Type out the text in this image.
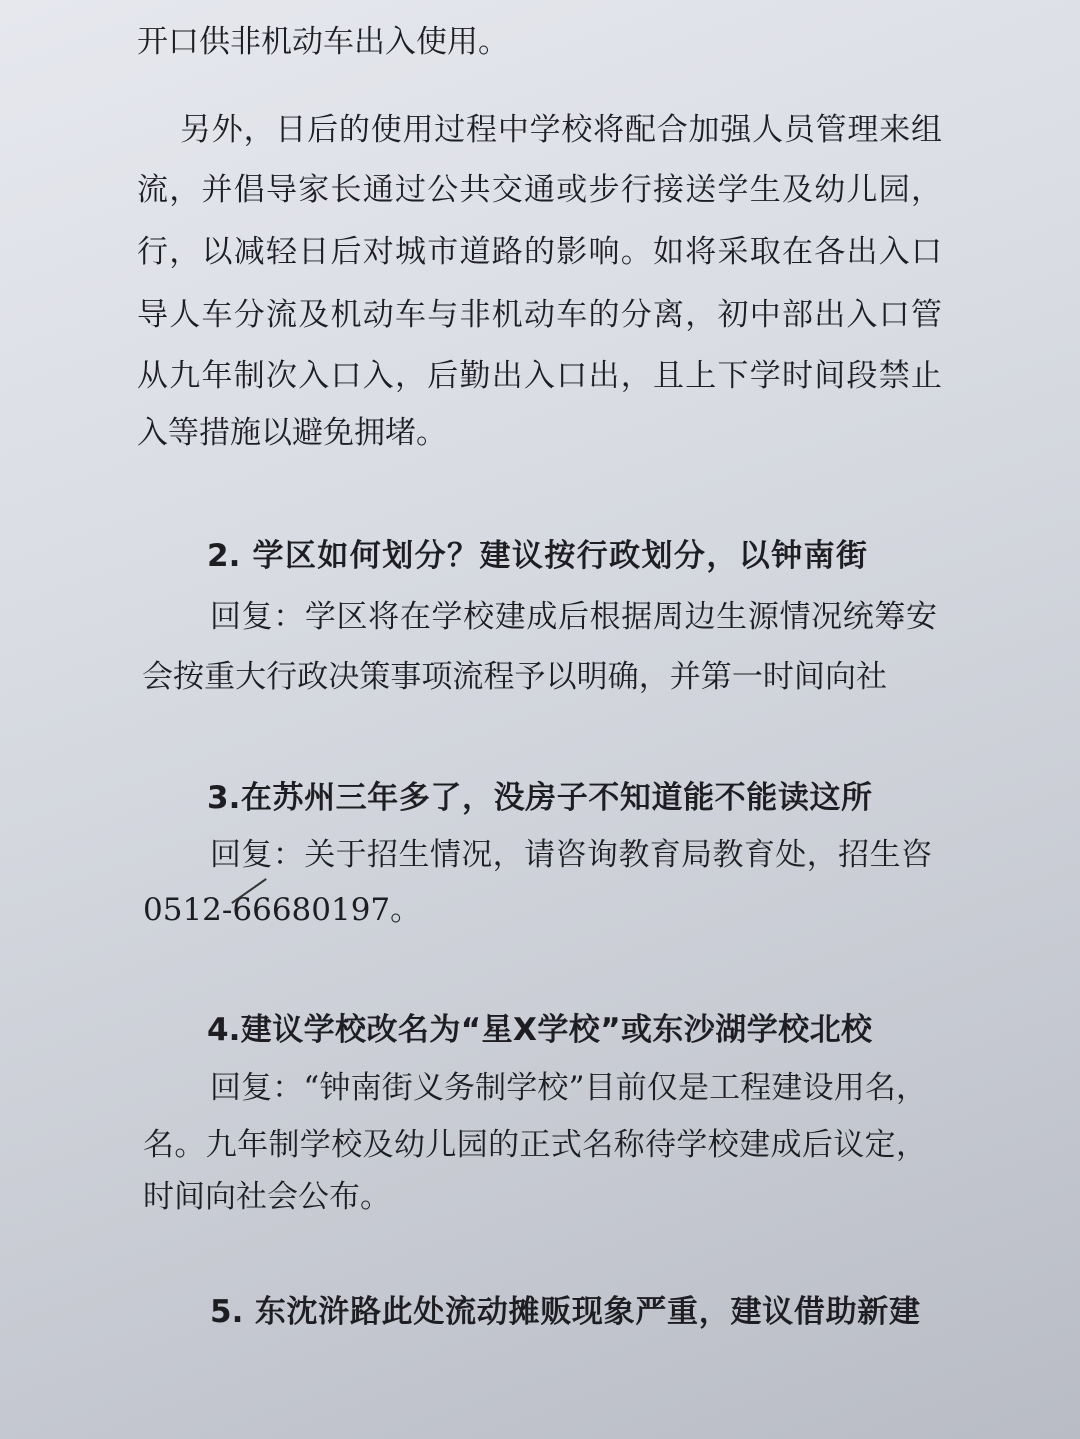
开口供非机动车出入使用。
另外，日后的使用过程中学校将配合加强人员管理来组
流，并倡导家长通过公共交通或步行接送学生及幼儿园，
行，以减轻日后对城市道路的影响。如将采取在各出入口
导人车分流及机动车与非机动车的分离，初中部出入口管
从九年制次入口入，后勤出入口出，且上下学时间段禁止
入等措施以避免拥堵。
2. 学区如何划分？建议按行政划分，以钟南街
回复：学区将在学校建成后根据周边生源情况统筹安
会按重大行政决策事项流程予以明确，并第一时间向社
3.在苏州三年多了，没房子不知道能不能读这所
回复：关于招生情况，请咨询教育局教育处，招生咨
0512-66680197。
4.建议学校改名为“星X学校”或东沙湖学校北校
回复：“钟南街义务制学校”目前仅是工程建设用名，
名。九年制学校及幼儿园的正式名称待学校建成后议定，
时间向社会公布。
5. 东沈浒路此处流动摊贩现象严重，建议借助新建
